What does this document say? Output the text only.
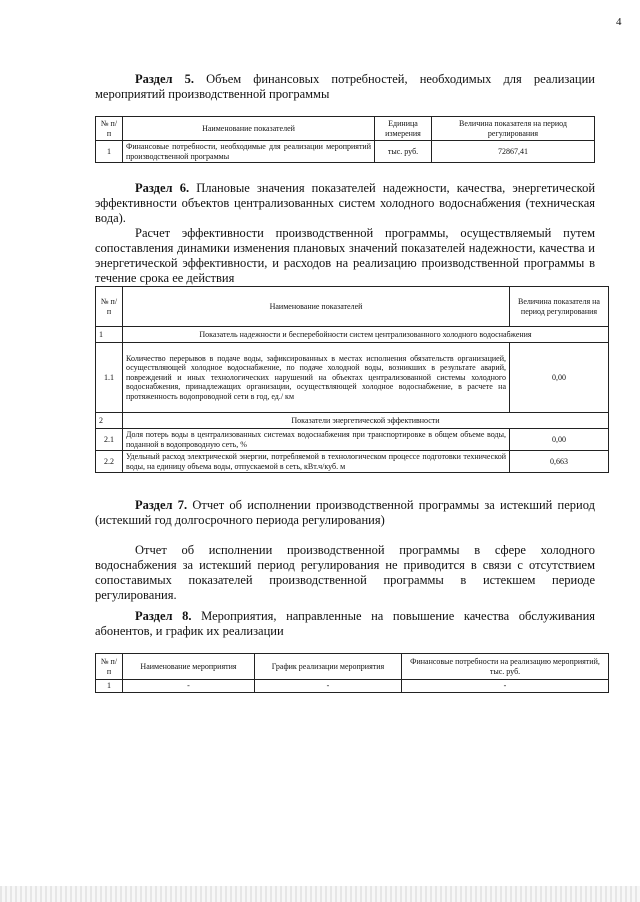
4
Раздел 5. Объем финансовых потребностей, необходимых для реализации мероприятий производственной программы
№ п/п	Наименование показателей	Единица измерения	Величина показателя на период регулирования
1	Финансовые потребности, необходимые для реализации мероприятий производственной программы	тыс. руб.	72867,41
Раздел 6. Плановые значения показателей надежности, качества, энергетической эффективности объектов централизованных систем холодного водоснабжения (техническая вода).
Расчет эффективности производственной программы, осуществляемый путем сопоставления динамики изменения плановых значений показателей надежности, качества и энергетической эффективности, и расходов на реализацию производственной программы в течение срока ее действия
№ п/п	Наименование показателей	Величина показателя на период регулирования
1	Показатель надежности и бесперебойности систем централизованного холодного водоснабжения	
1.1	Количество перерывов в подаче воды, зафиксированных в местах исполнения обязательств организацией, осуществляющей холодное водоснабжение, по подаче холодной воды, возникших в результате аварий, повреждений и иных технологических нарушений на объектах централизованной системы холодного водоснабжения, принадлежащих организации, осуществляющей холодное водоснабжение, в расчете на протяженность водопроводной сети в год, ед./ км	0,00
2	Показатели энергетической эффективности	
2.1	Доля потерь воды в централизованных системах водоснабжения при транспортировке в общем объеме воды, поданной в водопроводную сеть, %	0,00
2.2	Удельный расход электрической энергии, потребляемой в технологическом процессе подготовки технической воды, на единицу объема воды, отпускаемой в сеть, кВт.ч/куб. м	0,663
Раздел 7. Отчет об исполнении производственной программы за истекший период (истекший год долгосрочного периода регулирования)
Отчет об исполнении производственной программы в сфере холодного водоснабжения за истекший период регулирования не приводится в связи с отсутствием сопоставимых показателей производственной программы в истекшем периоде регулирования.
Раздел 8. Мероприятия, направленные на повышение качества обслуживания абонентов, и график их реализации
№ п/п	Наименование мероприятия	График реализации мероприятия	Финансовые потребности на реализацию мероприятий, тыс. руб.
1	-	-	-
